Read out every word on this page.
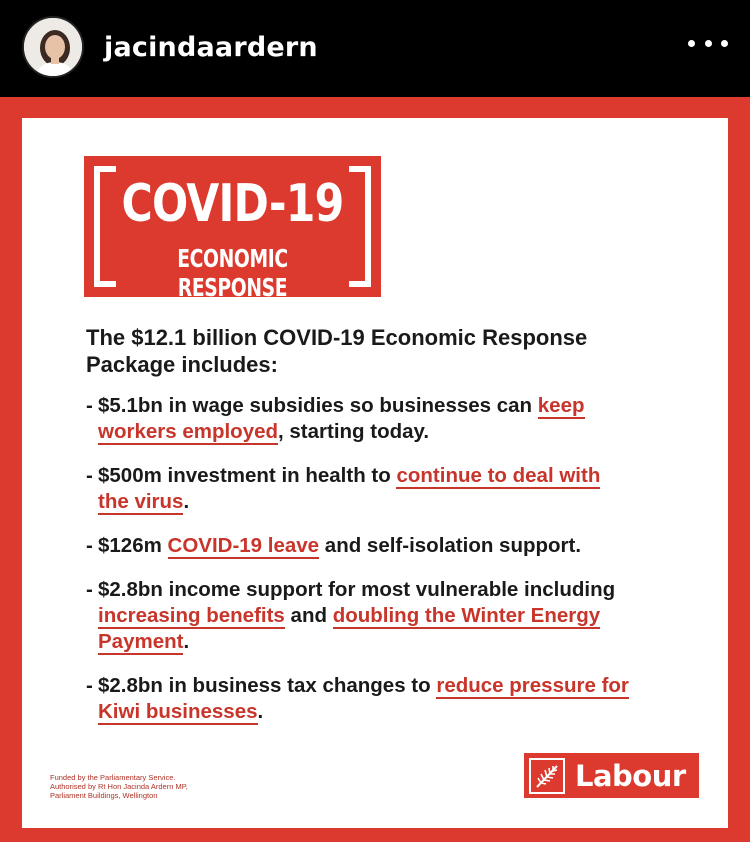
jacindaardern
COVID-19
ECONOMIC RESPONSE
The $12.1 billion COVID-19 Economic Response
Package includes:
- $5.1bn in wage subsidies so businesses can keep
workers employed, starting today.
- $500m investment in health to continue to deal with
the virus.
- $126m COVID-19 leave and self-isolation support.
- $2.8bn income support for most vulnerable including
increasing benefits and doubling the Winter Energy
Payment.
- $2.8bn in business tax changes to reduce pressure for
Kiwi businesses.
Funded by the Parliamentary Service.
Authorised by Rt Hon Jacinda Ardern MP,
Parliament Buildings, Wellington
Labour
